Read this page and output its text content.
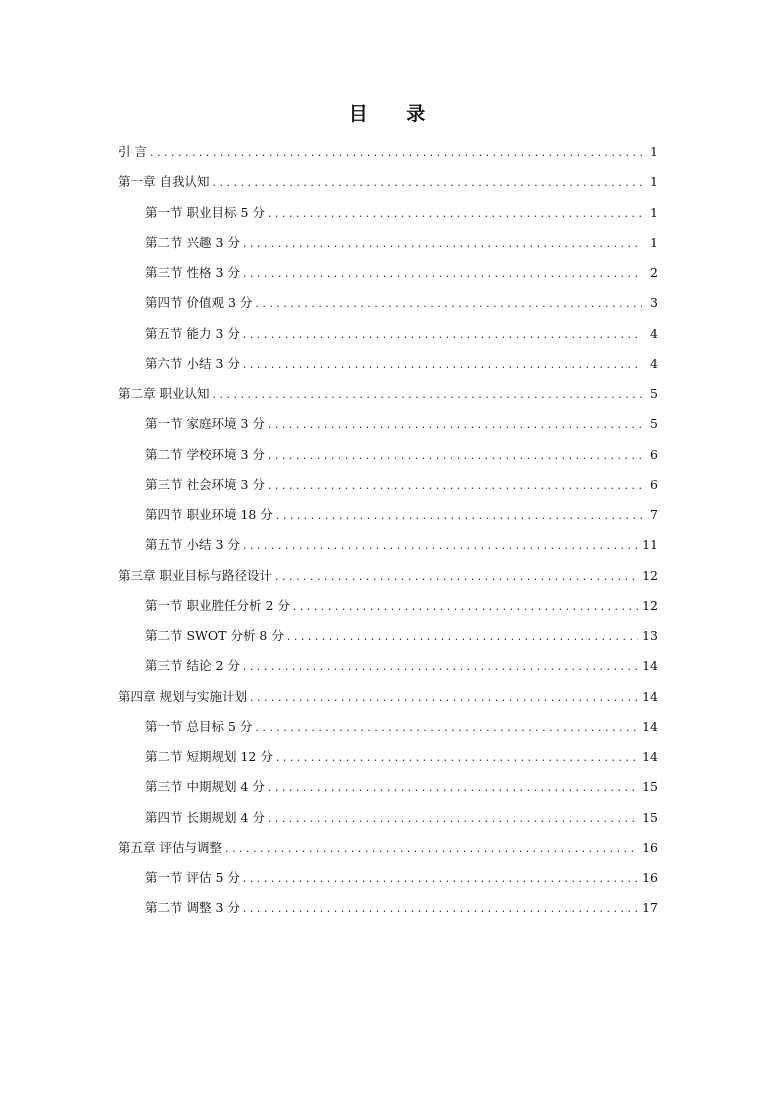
目 录
引 言 . . .	1
第一章 自我认知 . . .	1
第一节 职业目标 5 分 . . .	1
第二节 兴趣 3 分 . . .	1
第三节 性格 3 分 . . .	2
第四节 价值观 3 分 . . .	3
第五节 能力 3 分 . . .	4
第六节 小结 3 分 . . .	4
第二章 职业认知 . . .	5
第一节 家庭环境 3 分 . . .	5
第二节 学校环境 3 分 . . .	6
第三节 社会环境 3 分 . . .	6
第四节 职业环境 18 分 . . .	7
第五节 小结 3 分 . . .	11
第三章 职业目标与路径设计 . . .	12
第一节 职业胜任分析 2 分 . . .	12
第二节 SWOT 分析 8 分 . . .	13
第三节 结论 2 分 . . .	14
第四章 规划与实施计划 . . .	14
第一节 总目标 5 分 . . .	14
第二节 短期规划 12 分 . . .	14
第三节 中期规划 4 分 . . .	15
第四节 长期规划 4 分 . . .	15
第五章 评估与调整 . . .	16
第一节 评估 5 分 . . .	16
第二节 调整 3 分 . . .	17
